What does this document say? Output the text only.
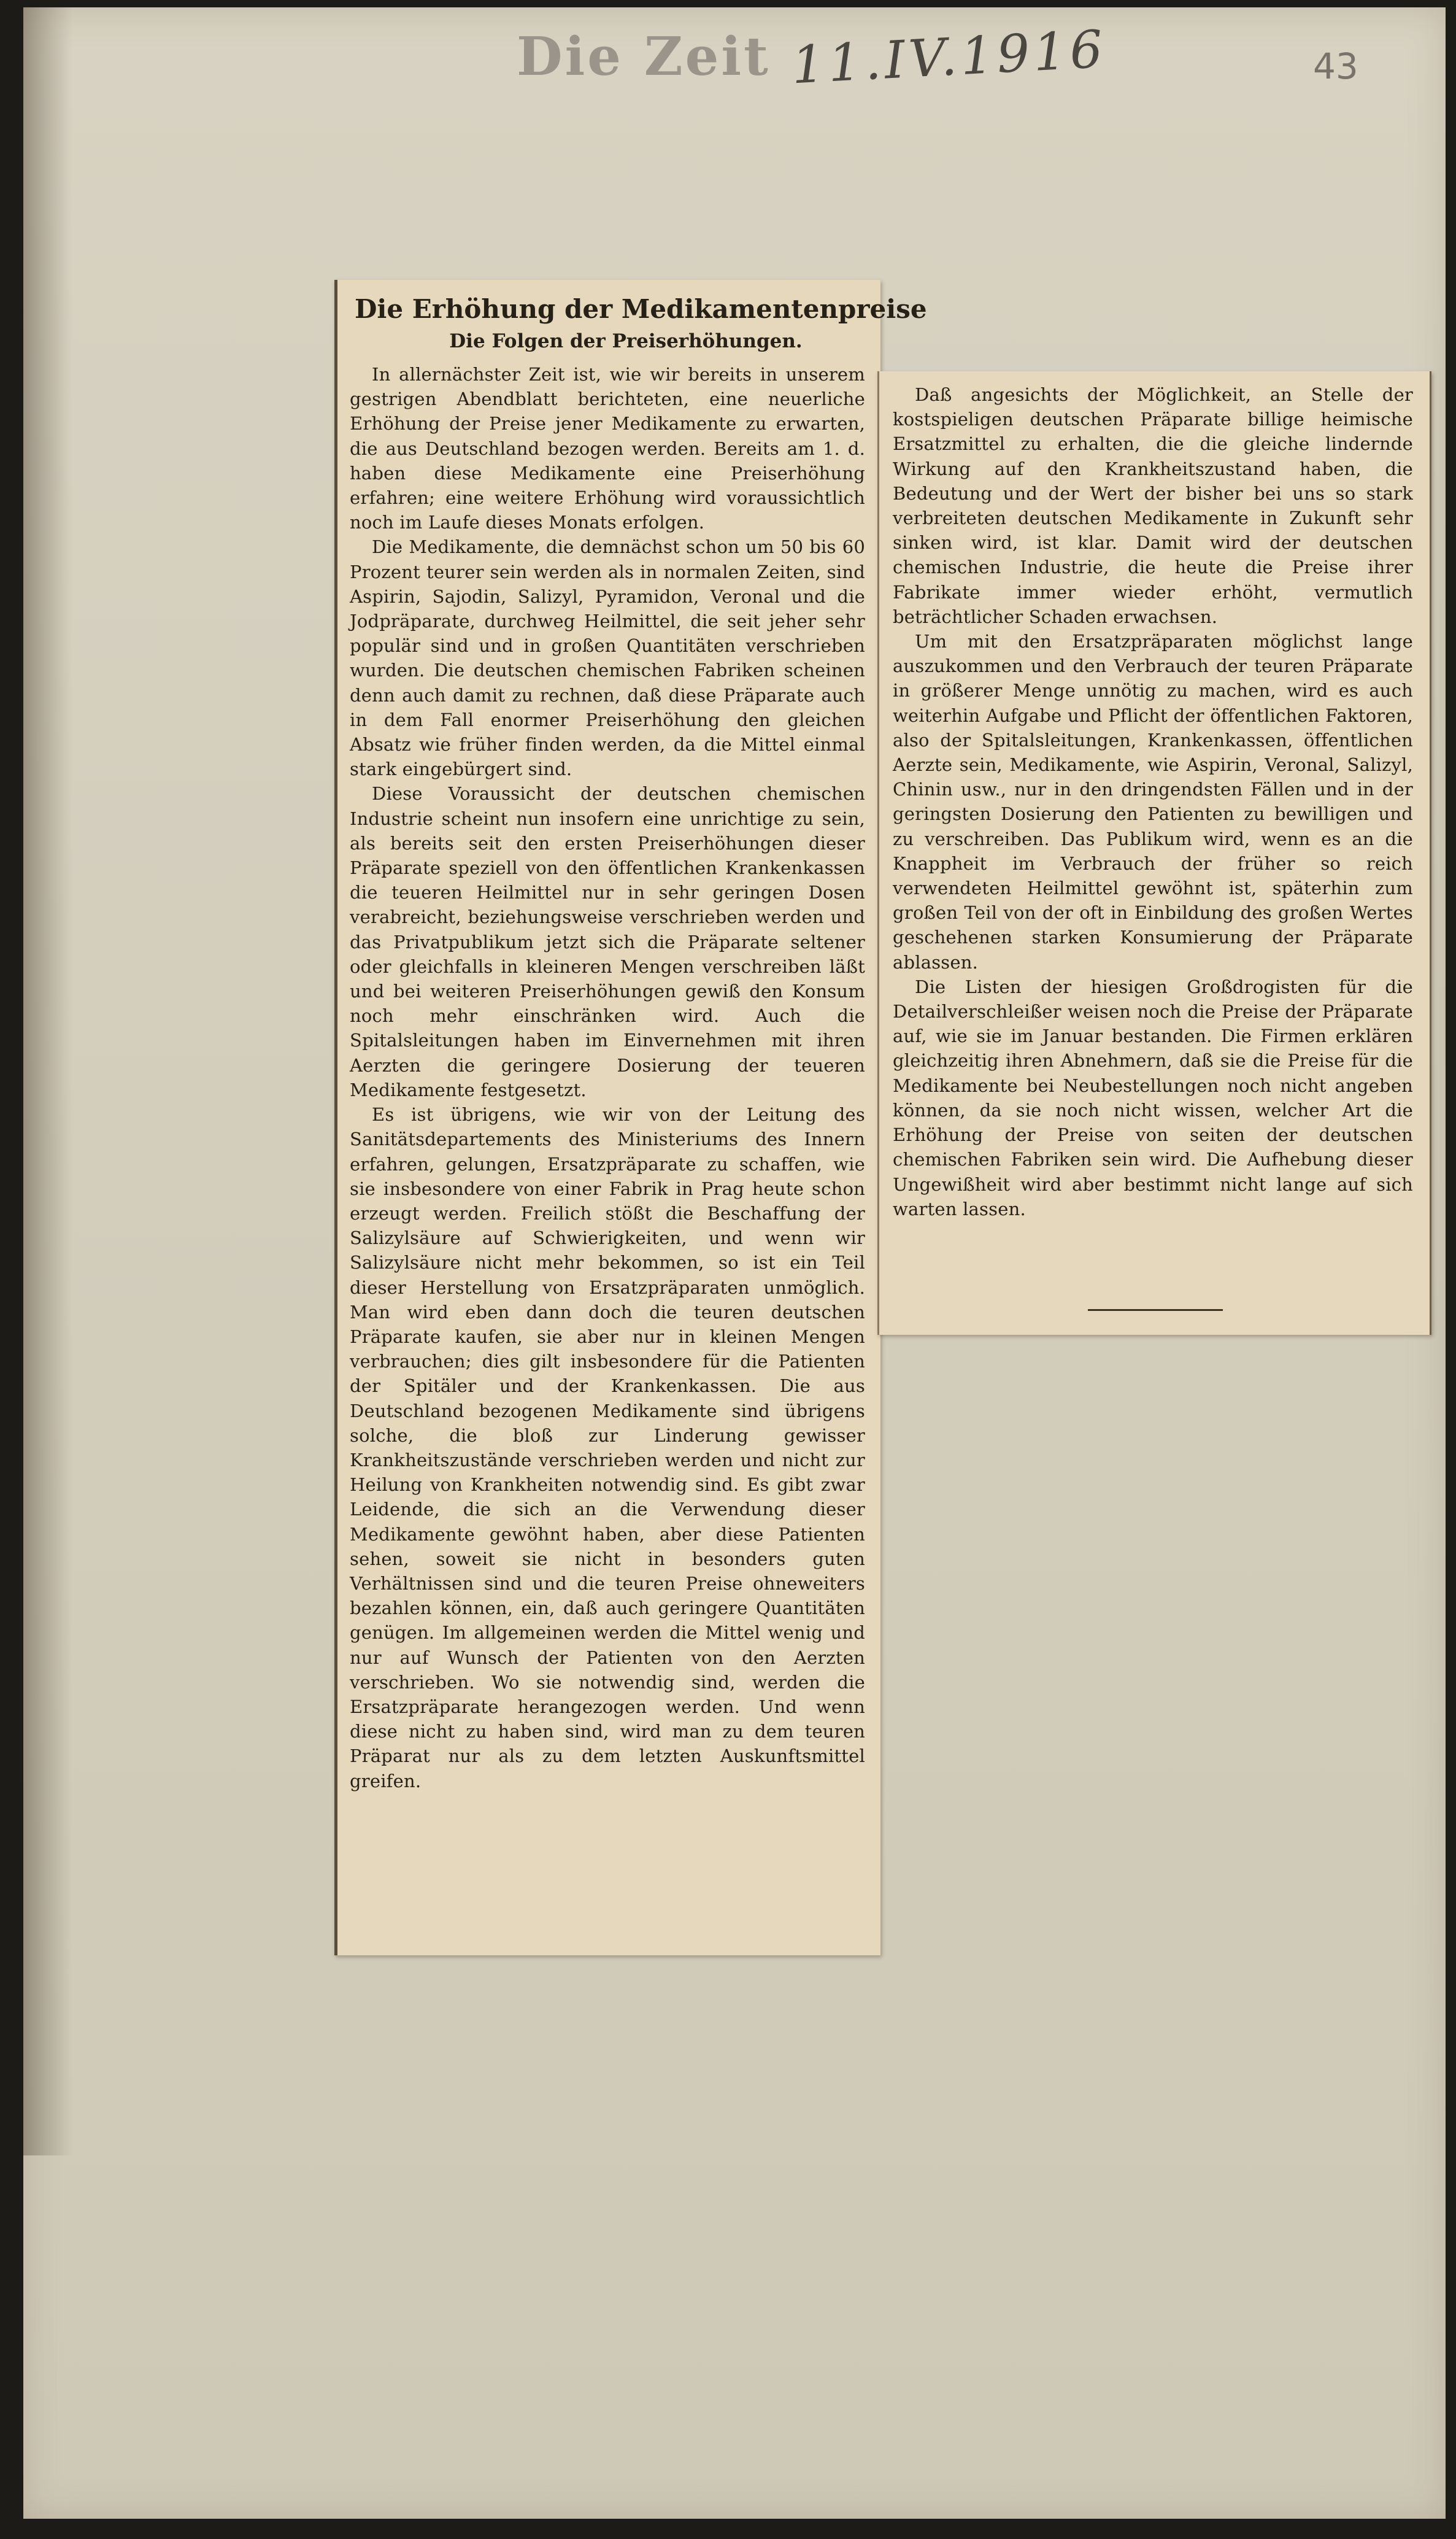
Die Zeit 11.IV.1916	43
Die Erhöhung der Medikamentenpreise
Die Folgen der Preiserhöhungen.

In allernächster Zeit ist, wie wir bereits in unserem gestrigen Abendblatt berichteten, eine neuerliche Erhöhung der Preise jener Medikamente zu erwarten, die aus Deutschland bezogen werden. Bereits am 1. d. haben diese Medikamente eine Preiserhöhung erfahren; eine weitere Erhöhung wird voraussichtlich noch im Laufe dieses Monats erfolgen.

Die Medikamente, die demnächst schon um 50 bis 60 Prozent teurer sein werden als in normalen Zeiten, sind Aspirin, Sajodin, Salizyl, Pyramidon, Veronal und die Jodpräparate, durchweg Heilmittel, die seit jeher sehr populär sind und in großen Quantitäten verschrieben wurden. Die deutschen chemischen Fabriken scheinen denn auch damit zu rechnen, daß diese Präparate auch in dem Fall enormer Preiserhöhung den gleichen Absatz wie früher finden werden, da die Mittel einmal stark eingebürgert sind.

Diese Voraussicht der deutschen chemischen Industrie scheint nun insofern eine unrichtige zu sein, als bereits seit den ersten Preiserhöhungen dieser Präparate speziell von den öffentlichen Krankenkassen die teueren Heilmittel nur in sehr geringen Dosen verabreicht, beziehungsweise verschrieben werden und das Privatpublikum jetzt sich die Präparate seltener oder gleichfalls in kleineren Mengen verschreiben läßt und bei weiteren Preiserhöhungen gewiß den Konsum noch mehr einschränken wird. Auch die Spitalsleitungen haben im Einvernehmen mit ihren Aerzten die geringere Dosierung der teueren Medikamente festgesetzt.

Es ist übrigens, wie wir von der Leitung des Sanitätsdepartements des Ministeriums des Innern erfahren, gelungen, Ersatzpräparate zu schaffen, wie sie insbesondere von einer Fabrik in Prag heute schon erzeugt werden. Freilich stößt die Beschaffung der Salizylsäure auf Schwierigkeiten, und wenn wir Salizylsäure nicht mehr bekommen, so ist ein Teil dieser Herstellung von Ersatzpräparaten unmöglich. Man wird eben dann doch die teuren deutschen Präparate kaufen, sie aber nur in kleinen Mengen verbrauchen; dies gilt insbesondere für die Patienten der Spitäler und der Krankenkassen. Die aus Deutschland bezogenen Medikamente sind übrigens solche, die bloß zur Linderung gewisser Krankheitszustände verschrieben werden und nicht zur Heilung von Krankheiten notwendig sind. Es gibt zwar Leidende, die sich an die Verwendung dieser Medikamente gewöhnt haben, aber diese Patienten sehen, soweit sie nicht in besonders guten Verhältnissen sind und die teuren Preise ohneweiters bezahlen können, ein, daß auch geringere Quantitäten genügen. Im allgemeinen werden die Mittel wenig und nur auf Wunsch der Patienten von den Aerzten verschrieben. Wo sie notwendig sind, werden die Ersatzpräparate herangezogen werden. Und wenn diese nicht zu haben sind, wird man zu dem teuren Präparat nur als zu dem letzten Auskunftsmittel greifen.

Daß angesichts der Möglichkeit, an Stelle der kostspieligen deutschen Präparate billige heimische Ersatzmittel zu erhalten, die die gleiche lindernde Wirkung auf den Krankheitszustand haben, die Bedeutung und der Wert der bisher bei uns so stark verbreiteten deutschen Medikamente in Zukunft sehr sinken wird, ist klar. Damit wird der deutschen chemischen Industrie, die heute die Preise ihrer Fabrikate immer wieder erhöht, vermutlich beträchtlicher Schaden erwachsen.

Um mit den Ersatzpräparaten möglichst lange auszukommen und den Verbrauch der teuren Präparate in größerer Menge unnötig zu machen, wird es auch weiterhin Aufgabe und Pflicht der öffentlichen Faktoren, also der Spitalsleitungen, Krankenkassen, öffentlichen Aerzte sein, Medikamente, wie Aspirin, Veronal, Salizyl, Chinin usw., nur in den dringendsten Fällen und in der geringsten Dosierung den Patienten zu bewilligen und zu verschreiben. Das Publikum wird, wenn es an die Knappheit im Verbrauch der früher so reich verwendeten Heilmittel gewöhnt ist, späterhin zum großen Teil von der oft in Einbildung des großen Wertes geschehenen starken Konsumierung der Präparate ablassen.

Die Listen der hiesigen Großdrogisten für die Detailverschleißer weisen noch die Preise der Präparate auf, wie sie im Januar bestanden. Die Firmen erklären gleichzeitig ihren Abnehmern, daß sie die Preise für die Medikamente bei Neubestellungen noch nicht angeben können, da sie noch nicht wissen, welcher Art die Erhöhung der Preise von seiten der deutschen chemischen Fabriken sein wird. Die Aufhebung dieser Ungewißheit wird aber bestimmt nicht lange auf sich warten lassen.
